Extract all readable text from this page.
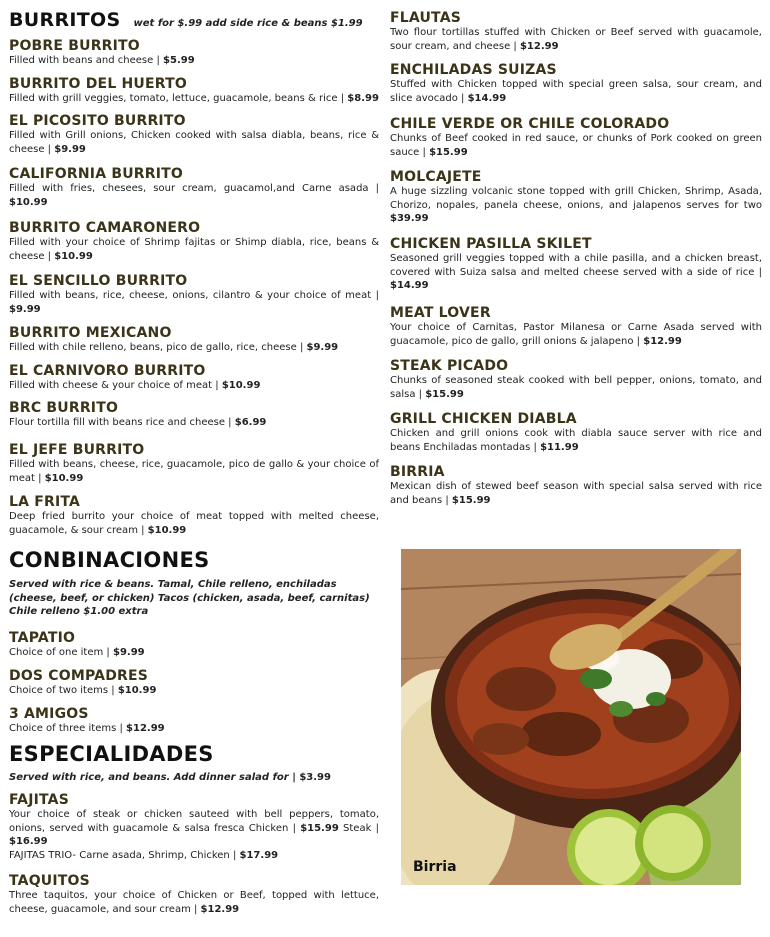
BURRITOS wet for $.99 add side rice & beans $1.99
POBRE BURRITO
Filled with beans and cheese | $5.99
BURRITO DEL HUERTO
Filled with grill veggies, tomato, lettuce, guacamole, beans & rice | $8.99
EL PICOSITO BURRITO
Filled with Grill onions, Chicken cooked with salsa diabla, beans, rice & cheese | $9.99
CALIFORNIA BURRITO
Filled with fries, chesees, sour cream, guacamol,and Carne asada | $10.99
BURRITO CAMARONERO
Filled with your choice of Shrimp fajitas or Shimp diabla, rice, beans & cheese | $10.99
EL SENCILLO BURRITO
Filled with beans, rice, cheese, onions, cilantro & your choice of meat | $9.99
BURRITO MEXICANO
Filled with chile relleno, beans, pico de gallo, rice, cheese | $9.99
EL CARNIVORO BURRITO
Filled with cheese & your choice of meat | $10.99
BRC BURRITO
Flour tortilla fill with beans rice and cheese | $6.99
EL JEFE BURRITO
Filled with beans, cheese, rice, guacamole, pico de gallo & your choice of meat | $10.99
LA FRITA
Deep fried burrito your choice of meat topped with melted cheese, guacamole, & sour cream | $10.99
CONBINACIONES
Served with rice & beans. Tamal, Chile relleno, enchiladas (cheese, beef, or chicken) Tacos (chicken, asada, beef, carnitas) Chile relleno $1.00 extra
TAPATIO
Choice of one item | $9.99
DOS COMPADRES
Choice of two items | $10.99
3 AMIGOS
Choice of three items | $12.99
ESPECIALIDADES
Served with rice, and beans. Add dinner salad for | $3.99
FAJITAS
Your choice of steak or chicken sauteed with bell peppers, tomato, onions, served with guacamole & salsa fresca Chicken | $15.99 Steak | $16.99
FAJITAS TRIO- Carne asada, Shrimp, Chicken | $17.99
TAQUITOS
Three taquitos, your choice of Chicken or Beef, topped with lettuce, cheese, guacamole, and sour cream | $12.99
FLAUTAS
Two flour tortillas stuffed with Chicken or Beef served with guacamole, sour cream, and cheese | $12.99
ENCHILADAS SUIZAS
Stuffed with Chicken topped with special green salsa, sour cream, and slice avocado | $14.99
CHILE VERDE OR CHILE COLORADO
Chunks of Beef cooked in red sauce, or chunks of Pork cooked on green sauce | $15.99
MOLCAJETE
A huge sizzling volcanic stone topped with grill Chicken, Shrimp, Asada, Chorizo, nopales, panela cheese, onions, and jalapenos serves for two $39.99
CHICKEN PASILLA SKILET
Seasoned grill veggies topped with a chile pasilla, and a chicken breast, covered with Suiza salsa and melted cheese served with a side of rice | $14.99
MEAT LOVER
Your choice of Carnitas, Pastor Milanesa or Carne Asada served with guacamole, pico de gallo, grill onions & jalapeno | $12.99
STEAK PICADO
Chunks of seasoned steak cooked with bell pepper, onions, tomato, and salsa | $15.99
GRILL CHICKEN DIABLA
Chicken and grill onions cook with diabla sauce server with rice and beans Enchiladas montadas | $11.99
BIRRIA
Mexican dish of stewed beef season with special salsa served with rice and beans | $15.99
Birria
